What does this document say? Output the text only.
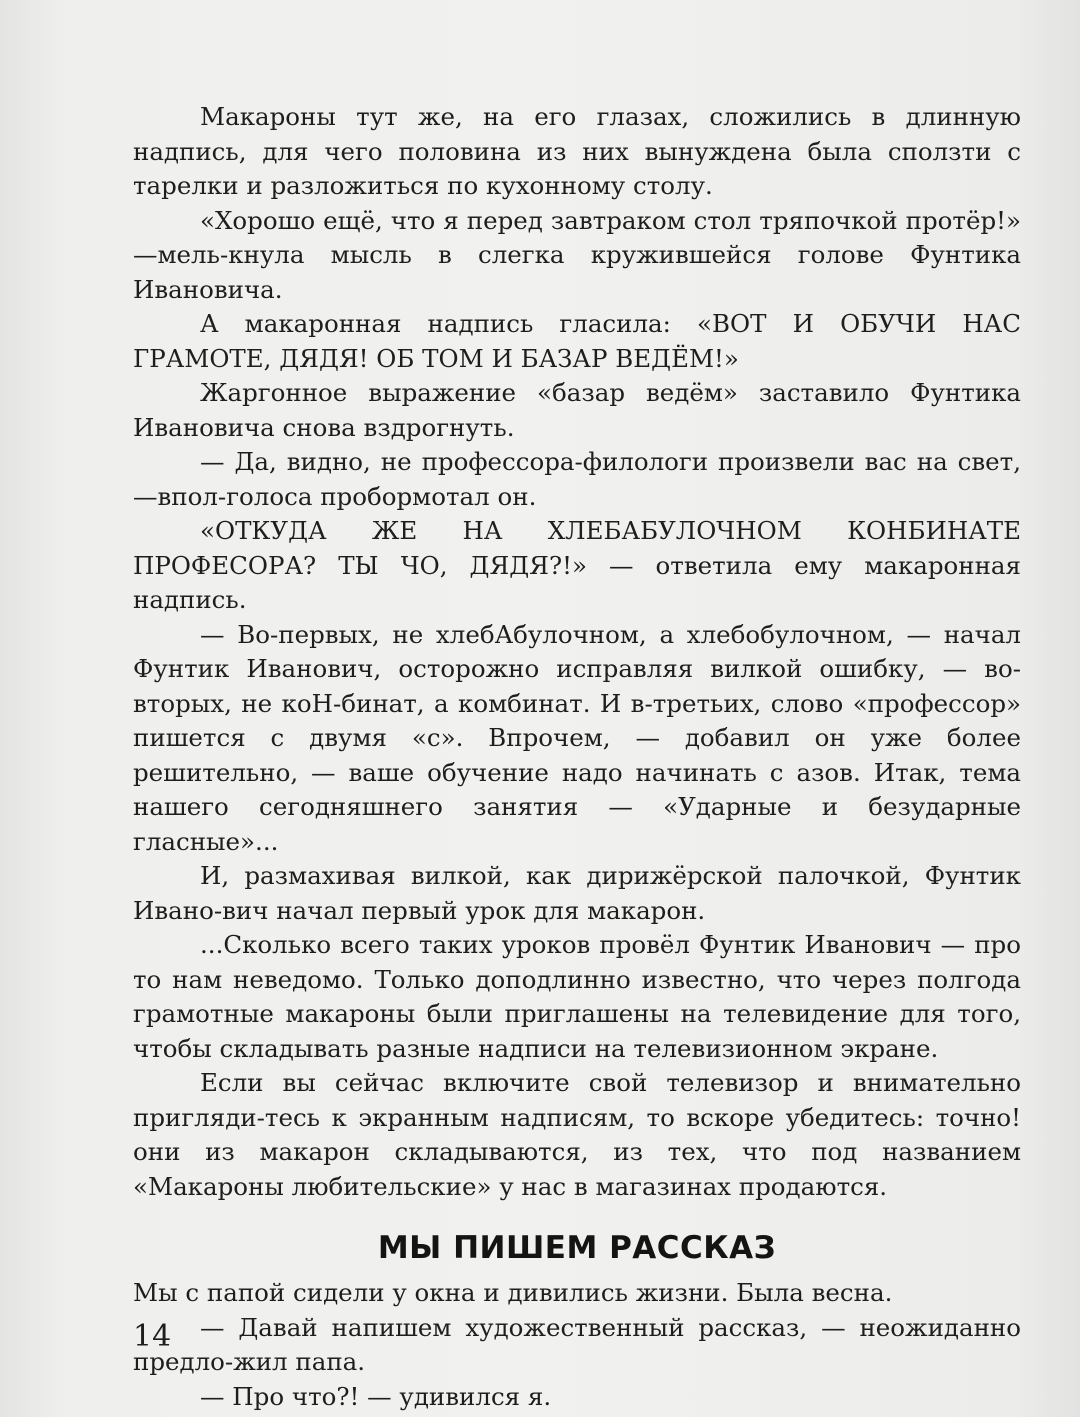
Макароны тут же, на его глазах, сложились в длинную надпись, для чего половина из них вынуждена была сползти с тарелки и разложиться по кухонному столу.

«Хорошо ещё, что я перед завтраком стол тряпочкой протёр!» —мель-кнула мысль в слегка кружившейся голове Фунтика Ивановича.

А макаронная надпись гласила: «ВОТ И ОБУЧИ НАС ГРАМОТЕ, ДЯДЯ! ОБ ТОМ И БАЗАР ВЕДЁМ!»

Жаргонное выражение «базар ведём» заставило Фунтика Ивановича снова вздрогнуть.

— Да, видно, не профессора-филологи произвели вас на свет, —впол-голоса пробормотал он.

«ОТКУДА ЖЕ НА ХЛЕБАБУЛОЧНОМ КОНБИНАТЕ ПРОФЕСОРА? ТЫ ЧО, ДЯДЯ?!» — ответила ему макаронная надпись.

— Во-первых, не хлебАбулочном, а хлебобулочном, — начал Фунтик Иванович, осторожно исправляя вилкой ошибку, — во-вторых, не коН-бинат, а комбинат. И в-третьих, слово «профессор» пишется с двумя «с». Впрочем, — добавил он уже более решительно, — ваше обучение надо начинать с азов. Итак, тема нашего сегодняшнего занятия — «Ударные и безударные гласные»...

И, размахивая вилкой, как дирижёрской палочкой, Фунтик Ивано-вич начал первый урок для макарон.

...Сколько всего таких уроков провёл Фунтик Иванович — про то нам неведомо. Только доподлинно известно, что через полгода грамотные макароны были приглашены на телевидение для того, чтобы складывать разные надписи на телевизионном экране.

Если вы сейчас включите свой телевизор и внимательно пригляди-тесь к экранным надписям, то вскоре убедитесь: точно! они из макарон складываются, из тех, что под названием «Макароны любительские» у нас в магазинах продаются.

МЫ ПИШЕМ РАССКАЗ

Мы с папой сидели у окна и дивились жизни. Была весна.

— Давай напишем художественный рассказ, — неожиданно предло-жил папа.

— Про что?! — удивился я.

14
